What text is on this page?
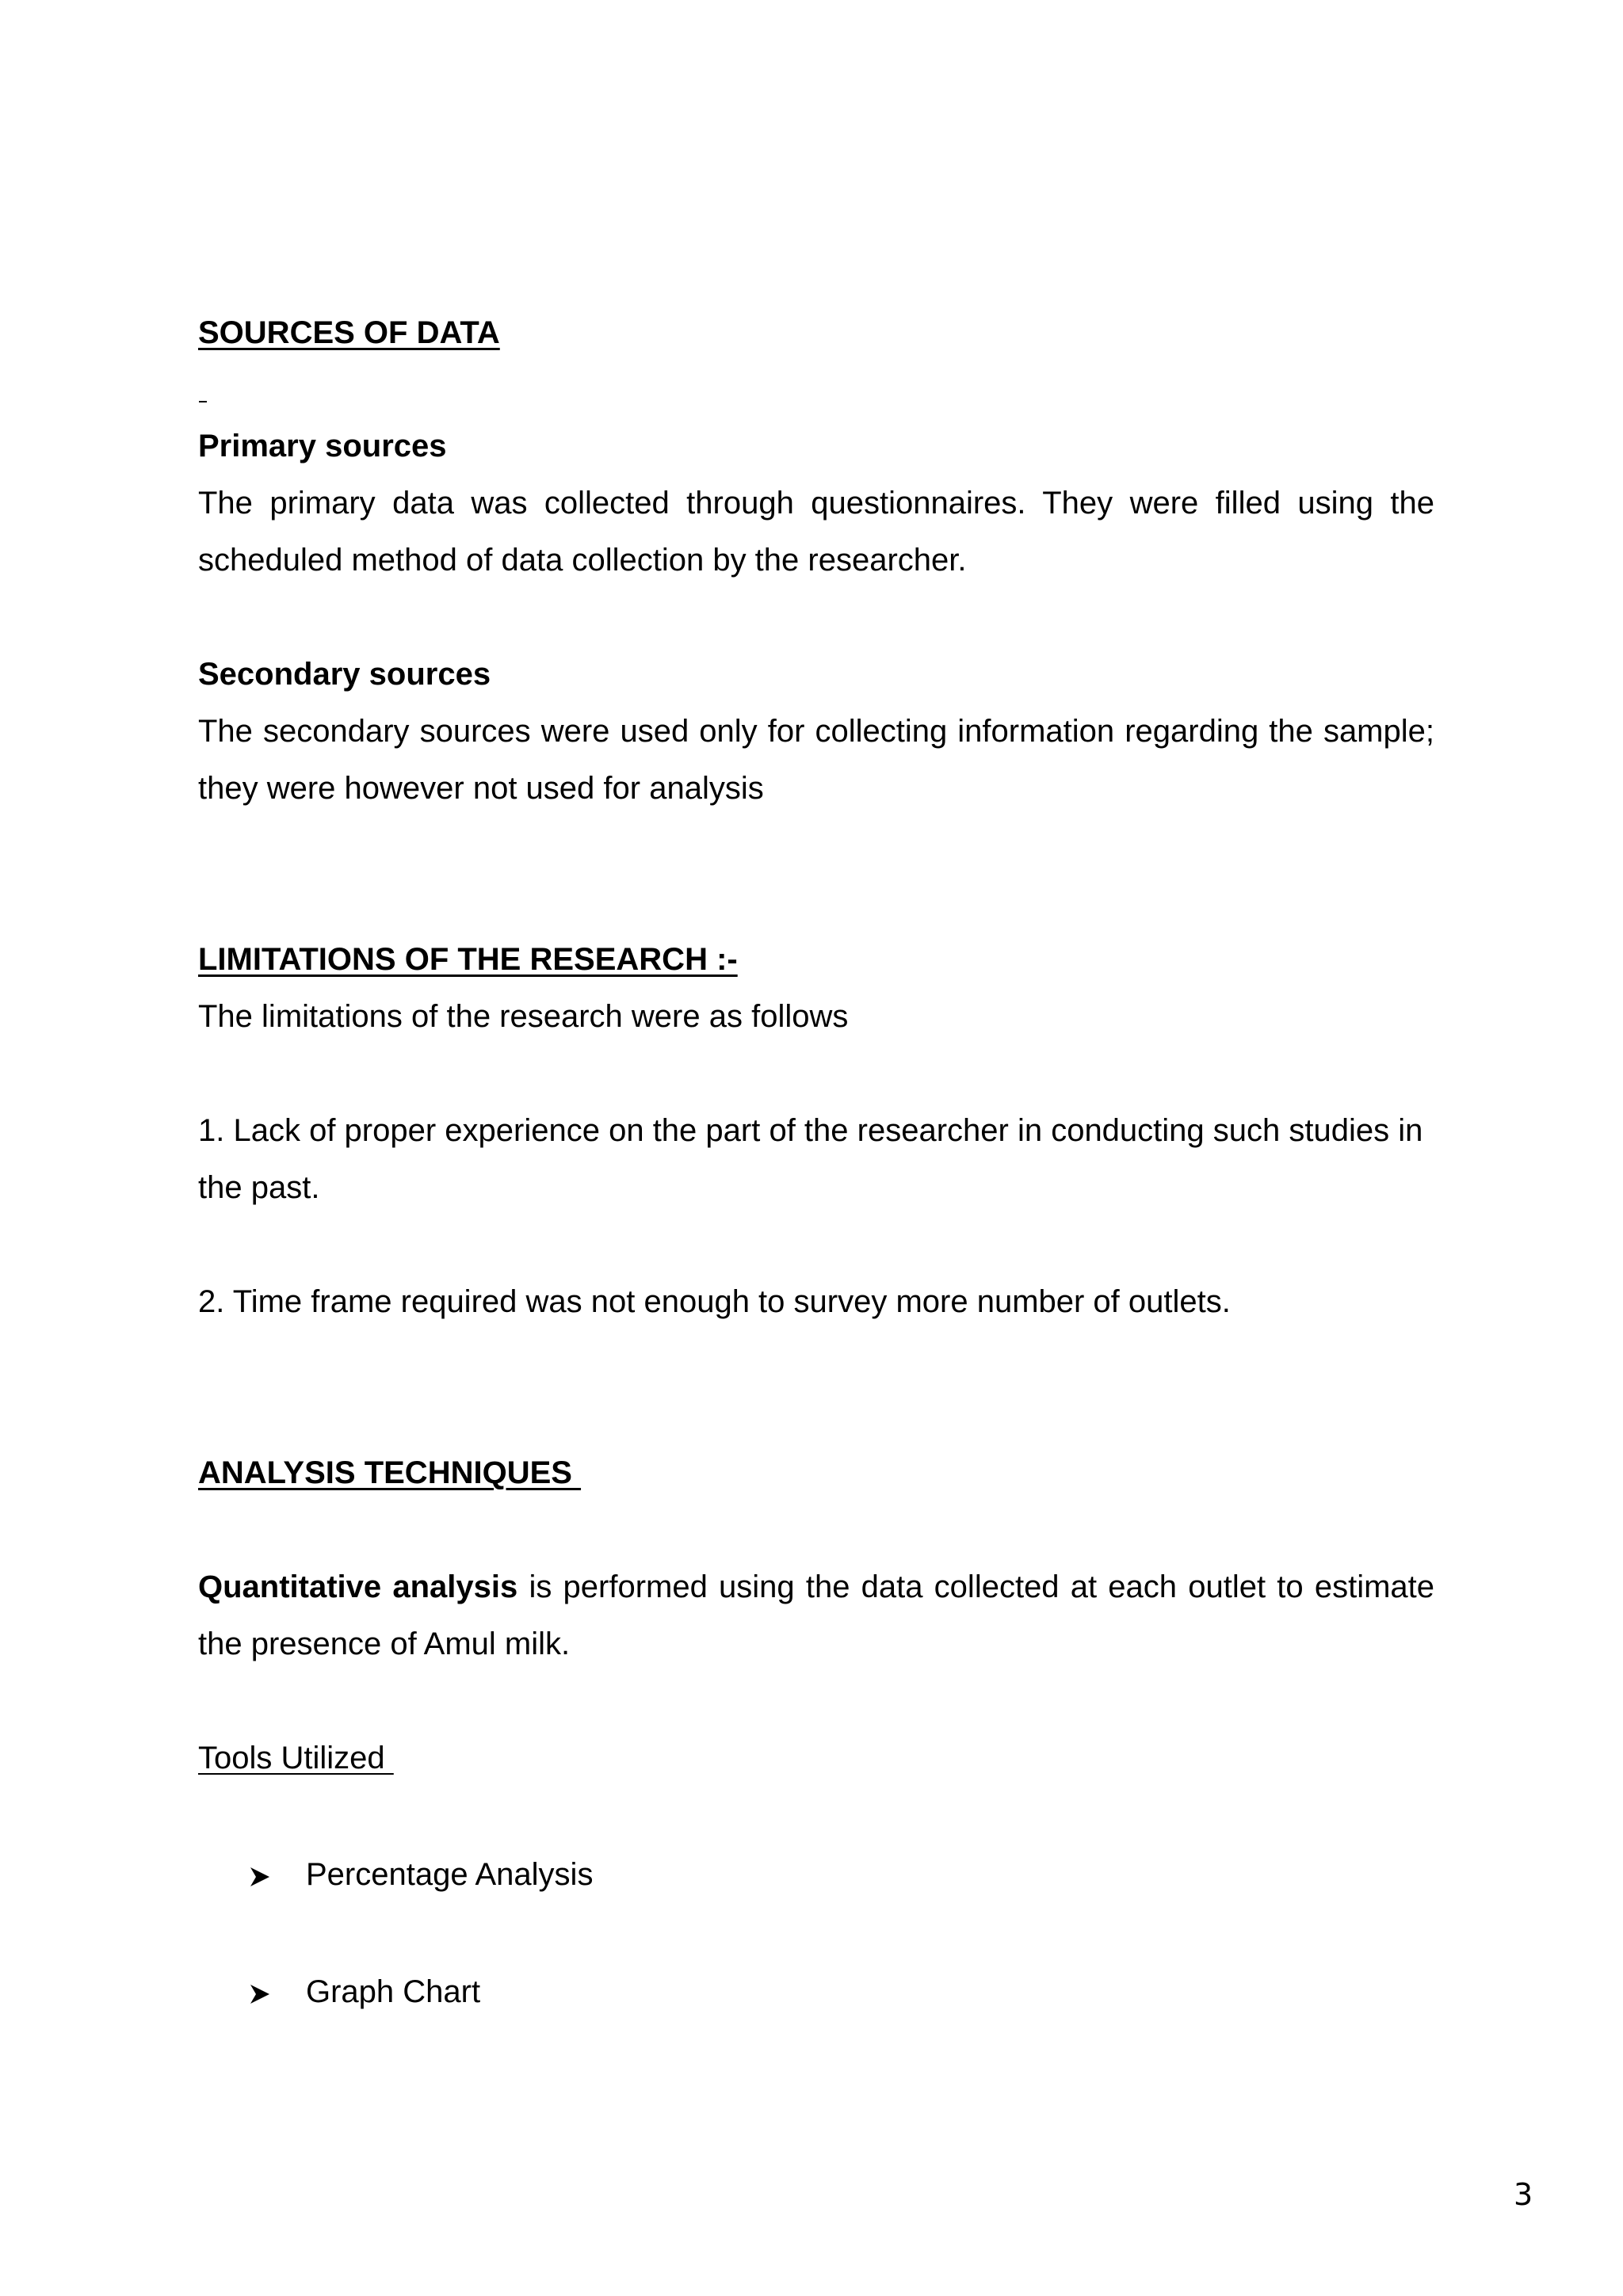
SOURCES OF DATA
Primary sources

The primary data was collected through questionnaires. They were filled using the scheduled method of data collection by the researcher.

Secondary sources

The secondary sources were used only for collecting information regarding the sample; they were however not used for analysis

LIMITATIONS OF THE RESEARCH :-
The limitations of the research were as follows

1. Lack of proper experience on the part of the researcher in conducting such studies in the past.

2. Time frame required was not enough to survey more number of outlets.

ANALYSIS TECHNIQUES

Quantitative analysis is performed using the data collected at each outlet to estimate the presence of Amul milk.

Tools Utilized
Percentage Analysis
Graph Chart
3
